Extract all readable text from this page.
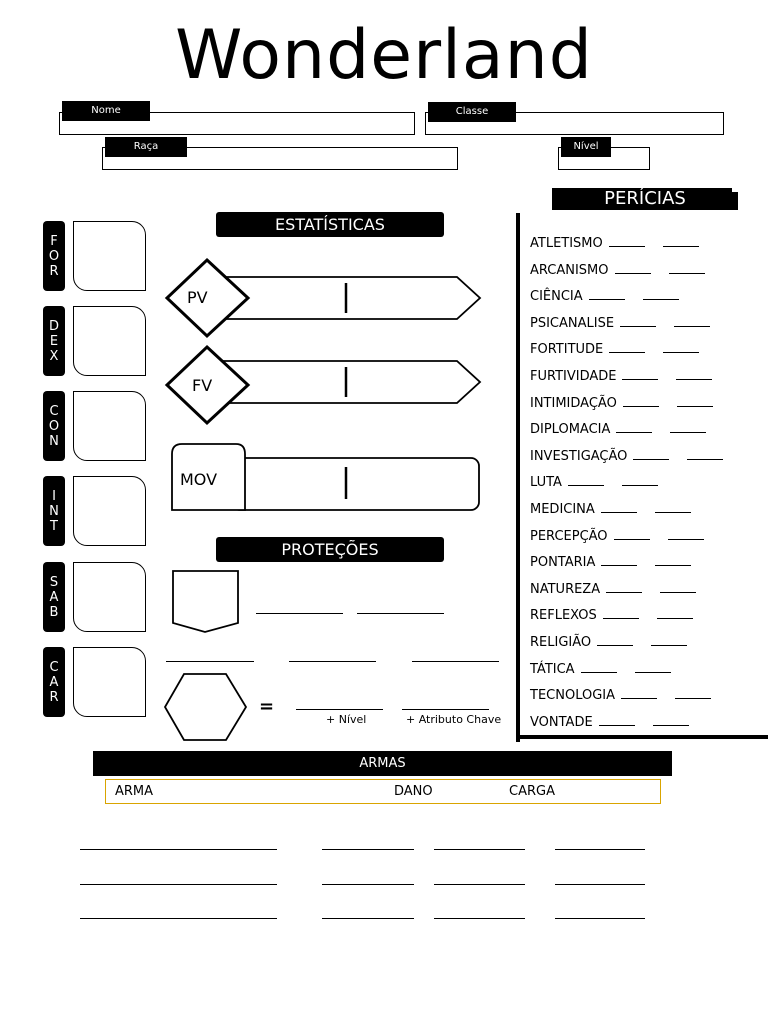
Wonderland
Nome	Classe
Raça	Nível
F
O
R
D
E
X
C
O
N
I
N
T
S
A
B
C
A
R
ESTATÍSTICAS
PV
FV
MOV
PROTEÇÕES
=
+ Nível	+ Atributo Chave
PERÍCIAS
ATLETISMO
ARCANISMO
CIÊNCIA
PSICANALISE
FORTITUDE
FURTIVIDADE
INTIMIDAÇÃO
DIPLOMACIA
INVESTIGAÇÃO
LUTA
MEDICINA
PERCEPÇÃO
PONTARIA
NATUREZA
REFLEXOS
RELIGIÃO
TÁTICA
TECNOLOGIA
VONTADE
ARMAS
ARMA	DANO	CARGA
